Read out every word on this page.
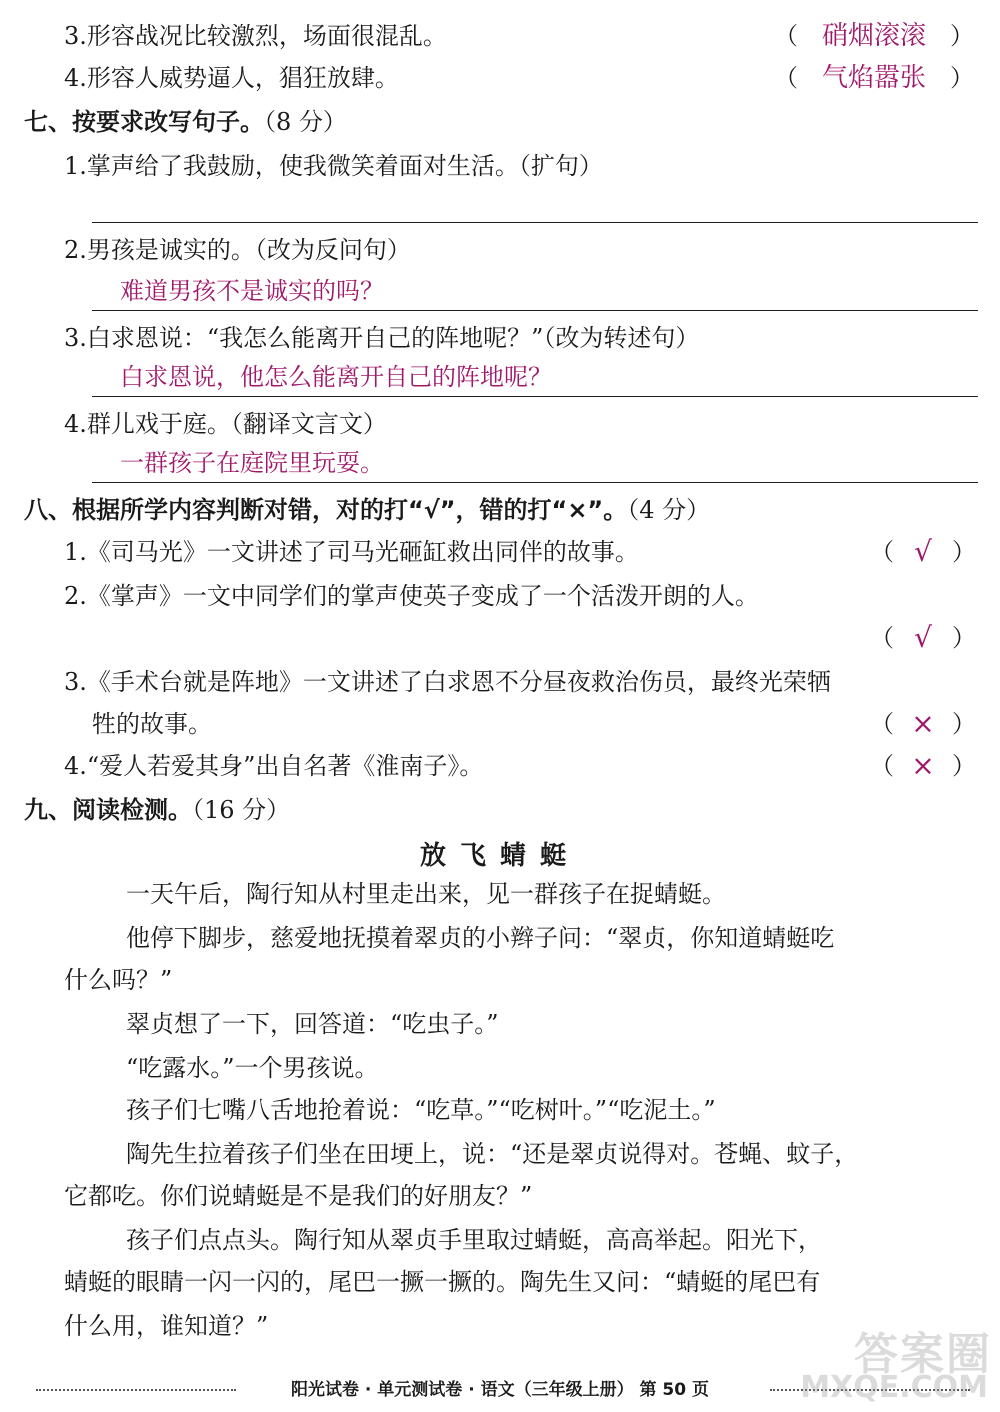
3.形容战况比较激烈，场面很混乱。	（ 硝烟滚滚	）
4.形容人威势逼人，猖狂放肆。	（ 气焰嚣张	）
七、按要求改写句子。（8 分）
1.掌声给了我鼓励，使我微笑着面对生活。（扩句）
2.男孩是诚实的。（改为反问句）
难道男孩不是诚实的吗？
3.白求恩说：“我怎么能离开自己的阵地呢？”（改为转述句）
白求恩说，他怎么能离开自己的阵地呢？
4.群儿戏于庭。（翻译文言文）
一群孩子在庭院里玩耍。
八、根据所学内容判断对错，对的打“√”，错的打“×”。（4 分）
1.《司马光》一文讲述了司马光砸缸救出同伴的故事。	（ √ ）
2.《掌声》一文中同学们的掌声使英子变成了一个活泼开朗的人。
（ √ ）
3.《手术台就是阵地》一文讲述了白求恩不分昼夜救治伤员，最终光荣牺
牲的故事。	（ × ）
4.“爱人若爱其身”出自名著《淮南子》。	（ × ）
九、阅读检测。（16 分）
放飞蜻蜓
一天午后，陶行知从村里走出来，见一群孩子在捉蜻蜓。
他停下脚步，慈爱地抚摸着翠贞的小辫子问：“翠贞，你知道蜻蜓吃
什么吗？”
翠贞想了一下，回答道：“吃虫子。”
“吃露水。”一个男孩说。
孩子们七嘴八舌地抢着说：“吃草。”“吃树叶。”“吃泥土。”
陶先生拉着孩子们坐在田埂上，说：“还是翠贞说得对。苍蝇、蚊子，
它都吃。你们说蜻蜓是不是我们的好朋友？”
孩子们点点头。陶行知从翠贞手里取过蜻蜓，高高举起。阳光下，
蜻蜓的眼睛一闪一闪的，尾巴一撅一撅的。陶先生又问：“蜻蜓的尾巴有
什么用，谁知道？”
阳光试卷 · 单元测试卷 · 语文（三年级上册） 第 50 页
答案圈
MXQE.COM
